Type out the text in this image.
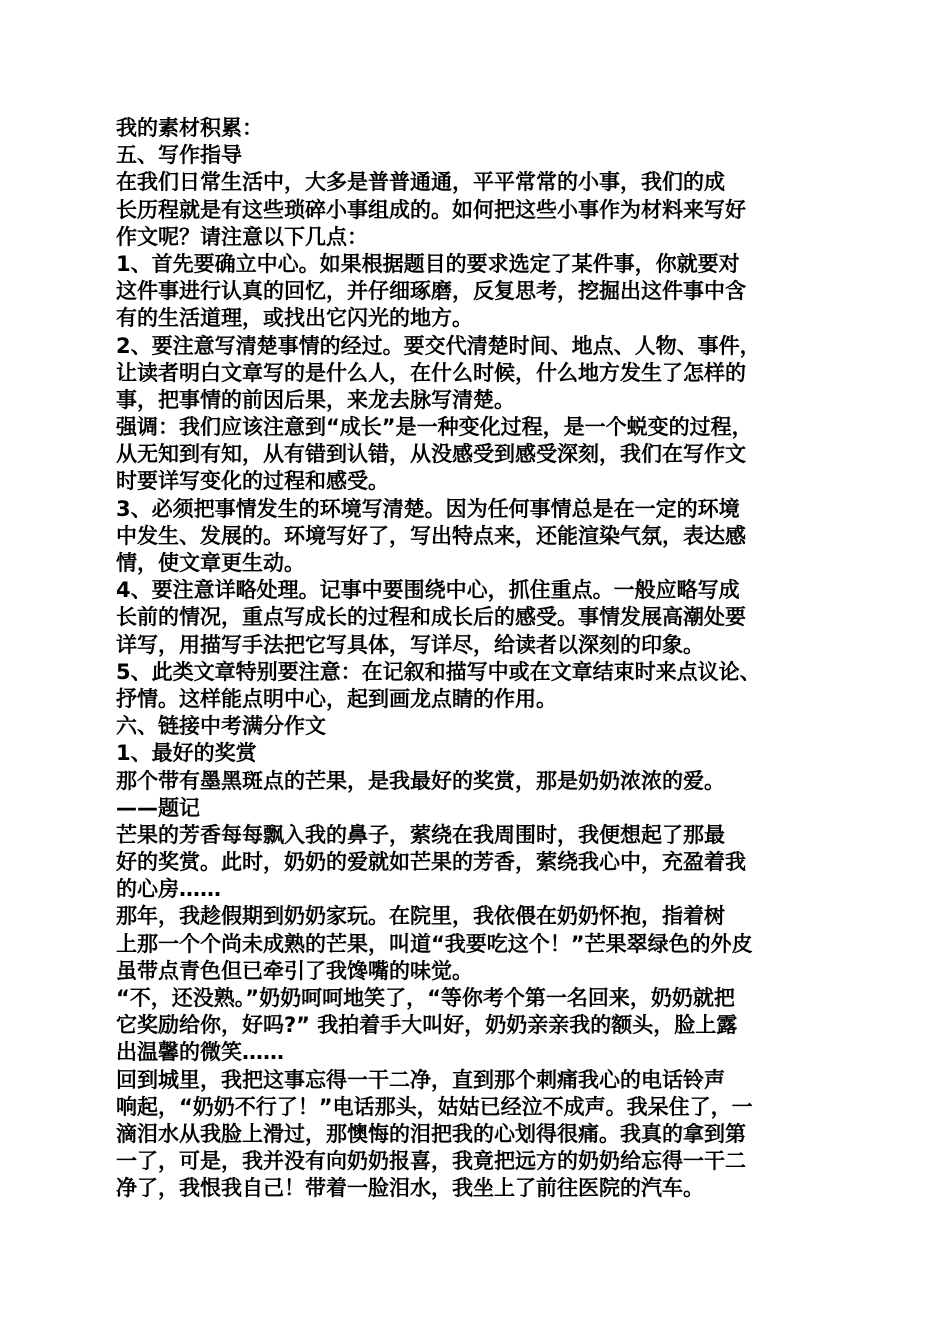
我的素材积累：
五、写作指导
在我们日常生活中，大多是普普通通，平平常常的小事，我们的成
长历程就是有这些琐碎小事组成的。如何把这些小事作为材料来写好
作文呢？请注意以下几点：
1、首先要确立中心。如果根据题目的要求选定了某件事，你就要对
这件事进行认真的回忆，并仔细琢磨，反复思考，挖掘出这件事中含
有的生活道理，或找出它闪光的地方。
2、要注意写清楚事情的经过。要交代清楚时间、地点、人物、事件，
让读者明白文章写的是什么人，在什么时候，什么地方发生了怎样的
事，把事情的前因后果，来龙去脉写清楚。
强调：我们应该注意到“成长”是一种变化过程，是一个蜕变的过程，
从无知到有知，从有错到认错，从没感受到感受深刻，我们在写作文
时要详写变化的过程和感受。
3、必须把事情发生的环境写清楚。因为任何事情总是在一定的环境
中发生、发展的。环境写好了，写出特点来，还能渲染气氛，表达感
情，使文章更生动。
4、要注意详略处理。记事中要围绕中心，抓住重点。一般应略写成
长前的情况，重点写成长的过程和成长后的感受。事情发展高潮处要
详写，用描写手法把它写具体，写详尽，给读者以深刻的印象。
5、此类文章特别要注意：在记叙和描写中或在文章结束时来点议论、
抒情。这样能点明中心，起到画龙点睛的作用。
六、链接中考满分作文
1、最好的奖赏
那个带有墨黑斑点的芒果，是我最好的奖赏，那是奶奶浓浓的爱。
——题记
芒果的芳香每每飘入我的鼻子，萦绕在我周围时，我便想起了那最
好的奖赏。此时，奶奶的爱就如芒果的芳香，萦绕我心中，充盈着我
的心房……
那年，我趁假期到奶奶家玩。在院里，我依偎在奶奶怀抱，指着树
上那一个个尚未成熟的芒果，叫道“我要吃这个！”芒果翠绿色的外皮
虽带点青色但已牵引了我馋嘴的味觉。
“不，还没熟。”奶奶呵呵地笑了，“等你考个第一名回来，奶奶就把
它奖励给你，好吗?” 我拍着手大叫好，奶奶亲亲我的额头，脸上露
出温馨的微笑……
回到城里，我把这事忘得一干二净，直到那个刺痛我心的电话铃声
响起，“奶奶不行了！”电话那头，姑姑已经泣不成声。我呆住了，一
滴泪水从我脸上滑过，那懊悔的泪把我的心划得很痛。我真的拿到第
一了，可是，我并没有向奶奶报喜，我竟把远方的奶奶给忘得一干二
净了，我恨我自己！带着一脸泪水，我坐上了前往医院的汽车。
